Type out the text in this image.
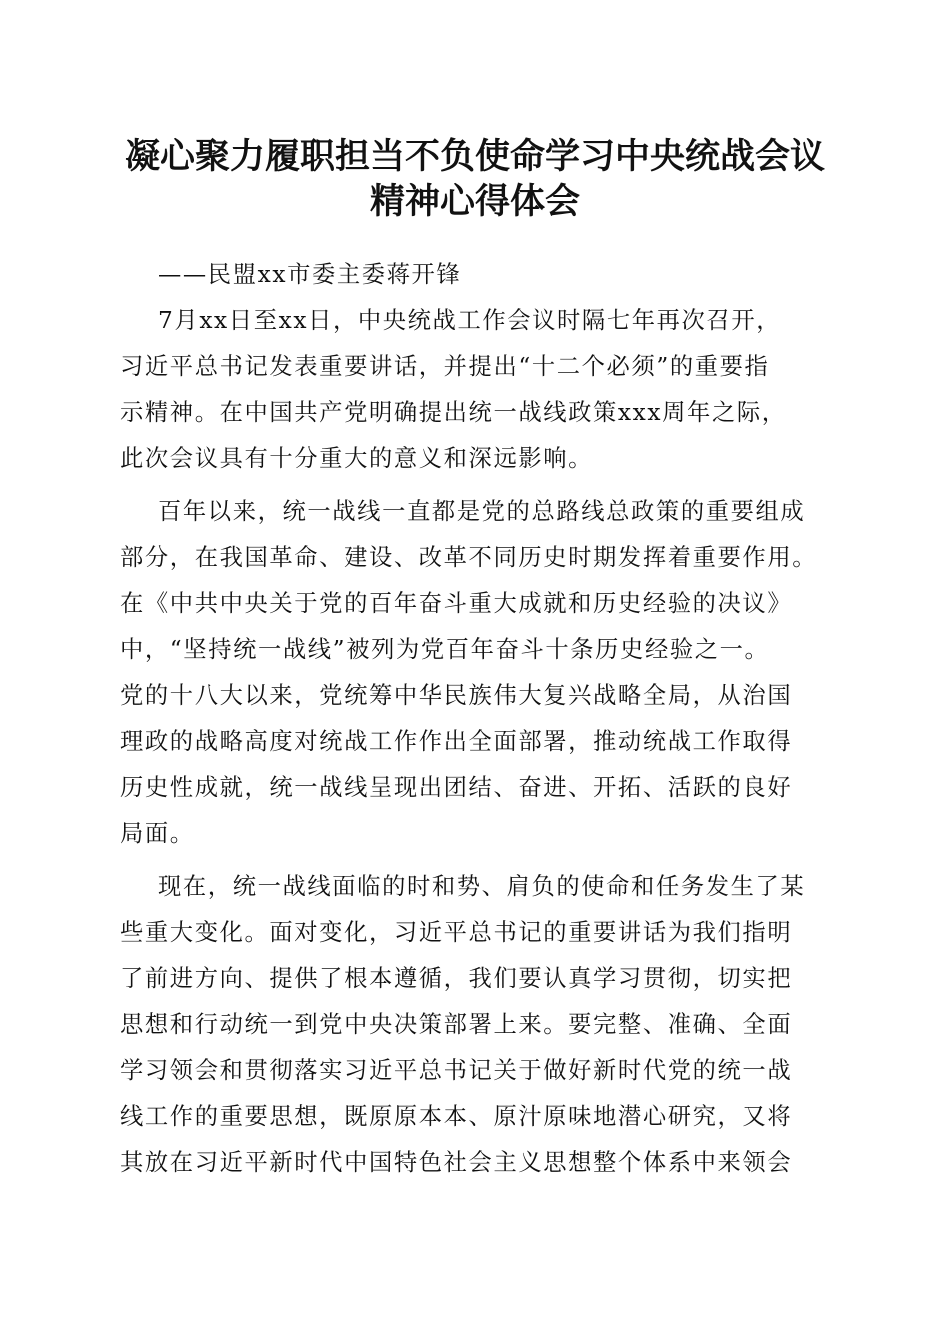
凝心聚力履职担当不负使命学习中央统战会议
精神心得体会
——民盟xx市委主委蒋开锋
7月xx日至xx日，中央统战工作会议时隔七年再次召开，
习近平总书记发表重要讲话，并提出“十二个必须”的重要指
示精神。在中国共产党明确提出统一战线政策xxx周年之际，
此次会议具有十分重大的意义和深远影响。
百年以来，统一战线一直都是党的总路线总政策的重要组成
部分，在我国革命、建设、改革不同历史时期发挥着重要作用。
在《中共中央关于党的百年奋斗重大成就和历史经验的决议》
中，“坚持统一战线”被列为党百年奋斗十条历史经验之一。
党的十八大以来，党统筹中华民族伟大复兴战略全局，从治国
理政的战略高度对统战工作作出全面部署，推动统战工作取得
历史性成就，统一战线呈现出团结、奋进、开拓、活跃的良好
局面。
现在，统一战线面临的时和势、肩负的使命和任务发生了某
些重大变化。面对变化，习近平总书记的重要讲话为我们指明
了前进方向、提供了根本遵循，我们要认真学习贯彻，切实把
思想和行动统一到党中央决策部署上来。要完整、准确、全面
学习领会和贯彻落实习近平总书记关于做好新时代党的统一战
线工作的重要思想，既原原本本、原汁原味地潜心研究，又将
其放在习近平新时代中国特色社会主义思想整个体系中来领会
